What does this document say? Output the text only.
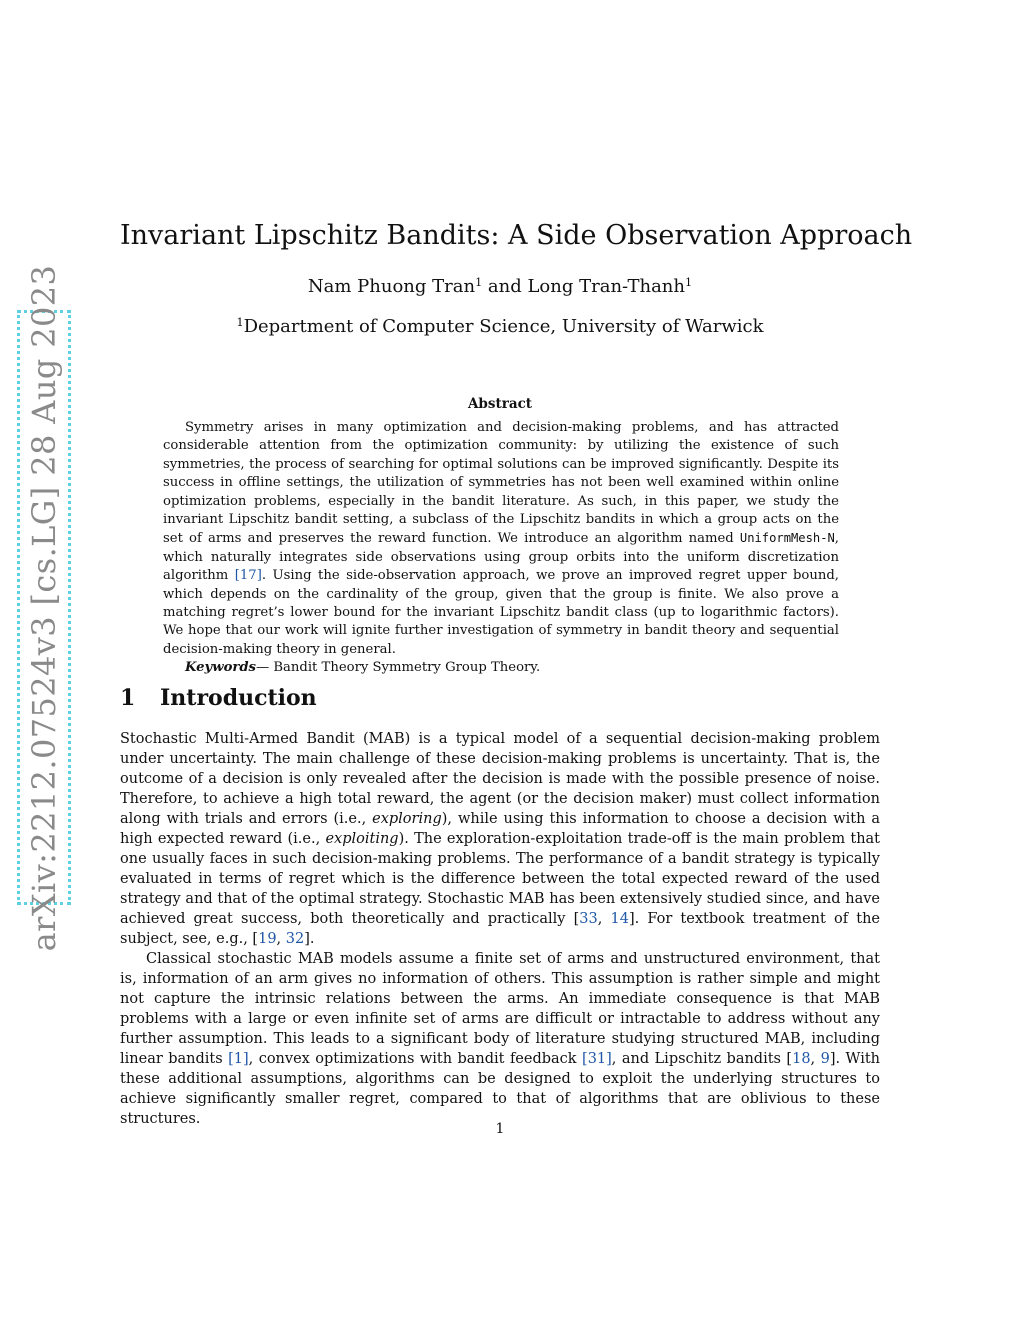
arXiv:2212.07524v3 [cs.LG] 28 Aug 2023
Invariant Lipschitz Bandits: A Side Observation Approach
Nam Phuong Tran$^1$ and Long Tran-Thanh$^1$
$^1$Department of Computer Science, University of Warwick
Abstract

Symmetry arises in many optimization and decision-making problems, and has attracted considerable attention from the optimization community: by utilizing the existence of such symmetries, the process of searching for optimal solutions can be improved significantly. Despite its success in offline settings, the utilization of symmetries has not been well examined within online optimization problems, especially in the bandit literature. As such, in this paper, we study the invariant Lipschitz bandit setting, a subclass of the Lipschitz bandits in which a group acts on the set of arms and preserves the reward function. We introduce an algorithm named UniformMesh-N, which naturally integrates side observations using group orbits into the uniform discretization algorithm [17]. Using the side-observation approach, we prove an improved regret upper bound, which depends on the cardinality of the group, given that the group is finite. We also prove a matching regret’s lower bound for the invariant Lipschitz bandit class (up to logarithmic factors). We hope that our work will ignite further investigation of symmetry in bandit theory and sequential decision-making theory in general.

Keywords— Bandit Theory Symmetry Group Theory.

1 Introduction

Stochastic Multi-Armed Bandit (MAB) is a typical model of a sequential decision-making problem under uncertainty. The main challenge of these decision-making problems is uncertainty. That is, the outcome of a decision is only revealed after the decision is made with the possible presence of noise. Therefore, to achieve a high total reward, the agent (or the decision maker) must collect information along with trials and errors (i.e., exploring), while using this information to choose a decision with a high expected reward (i.e., exploiting). The exploration-exploitation trade-off is the main problem that one usually faces in such decision-making problems. The performance of a bandit strategy is typically evaluated in terms of regret which is the difference between the total expected reward of the used strategy and that of the optimal strategy. Stochastic MAB has been extensively studied since, and have achieved great success, both theoretically and practically [33, 14]. For textbook treatment of the subject, see, e.g., [19, 32].

Classical stochastic MAB models assume a finite set of arms and unstructured environment, that is, information of an arm gives no information of others. This assumption is rather simple and might not capture the intrinsic relations between the arms. An immediate consequence is that MAB problems with a large or even infinite set of arms are difficult or intractable to address without any further assumption. This leads to a significant body of literature studying structured MAB, including linear bandits [1], convex optimizations with bandit feedback [31], and Lipschitz bandits [18, 9]. With these additional assumptions, algorithms can be designed to exploit the underlying structures to achieve significantly smaller regret, compared to that of algorithms that are oblivious to these structures.

1
